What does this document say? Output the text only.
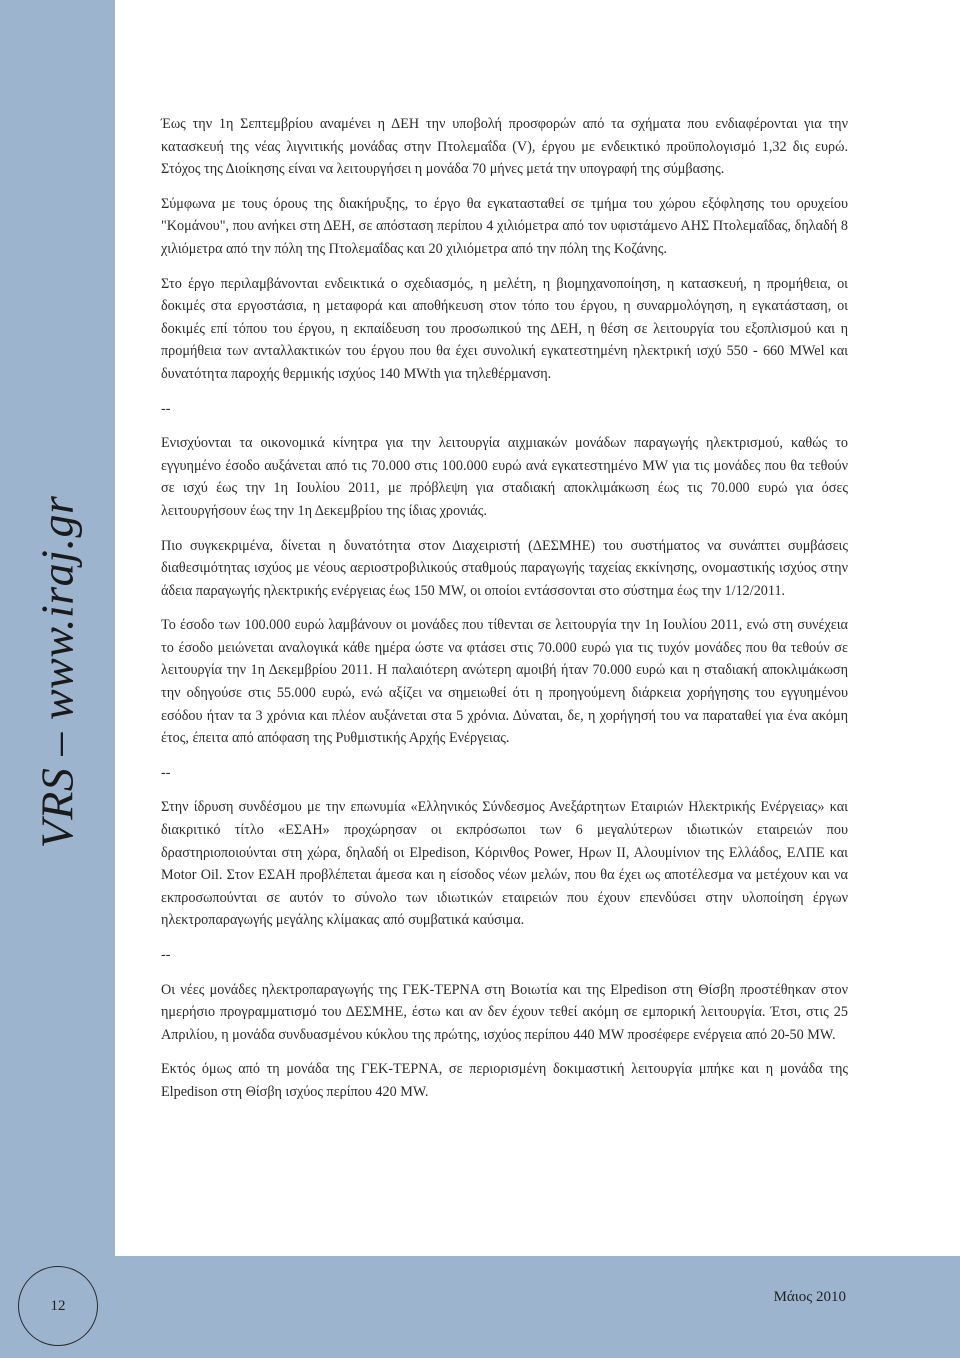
VRS – www.iraj.gr

Έως την 1η Σεπτεμβρίου αναμένει η ΔΕΗ την υποβολή προσφορών από τα σχήματα που ενδιαφέρονται για την κατασκευή της νέας λιγνιτικής μονάδας στην Πτολεμαΐδα (V), έργου με ενδεικτικό προϋπολογισμό 1,32 δις ευρώ. Στόχος της Διοίκησης είναι να λειτουργήσει η μονάδα 70 μήνες μετά την υπογραφή της σύμβασης.

Σύμφωνα με τους όρους της διακήρυξης, το έργο θα εγκατασταθεί σε τμήμα του χώρου εξόφλησης του ορυχείου "Κομάνου", που ανήκει στη ΔΕΗ, σε απόσταση περίπου 4 χιλιόμετρα από τον υφιστάμενο ΑΗΣ Πτολεμαΐδας, δηλαδή 8 χιλιόμετρα από την πόλη της Πτολεμαΐδας και 20 χιλιόμετρα από την πόλη της Κοζάνης.

Στο έργο περιλαμβάνονται ενδεικτικά ο σχεδιασμός, η μελέτη, η βιομηχανοποίηση, η κατασκευή, η προμήθεια, οι δοκιμές στα εργοστάσια, η μεταφορά και αποθήκευση στον τόπο του έργου, η συναρμολόγηση, η εγκατάσταση, οι δοκιμές επί τόπου του έργου, η εκπαίδευση του προσωπικού της ΔΕΗ, η θέση σε λειτουργία του εξοπλισμού και η προμήθεια των ανταλλακτικών του έργου που θα έχει συνολική εγκατεστημένη ηλεκτρική ισχύ 550 - 660 MWel και δυνατότητα παροχής θερμικής ισχύος 140 MWth για τηλεθέρμανση.

--

Ενισχύονται τα οικονομικά κίνητρα για την λειτουργία αιχμιακών μονάδων παραγωγής ηλεκτρισμού, καθώς το εγγυημένο έσοδο αυξάνεται από τις 70.000 στις 100.000 ευρώ ανά εγκατεστημένο MW για τις μονάδες που θα τεθούν σε ισχύ έως την 1η Ιουλίου 2011, με πρόβλεψη για σταδιακή αποκλιμάκωση έως τις 70.000 ευρώ για όσες λειτουργήσουν έως την 1η Δεκεμβρίου της ίδιας χρονιάς.

Πιο συγκεκριμένα, δίνεται η δυνατότητα στον Διαχειριστή (ΔΕΣΜΗΕ) του συστήματος να συνάπτει συμβάσεις διαθεσιμότητας ισχύος με νέους αεριοστροβιλικούς σταθμούς παραγωγής ταχείας εκκίνησης, ονομαστικής ισχύος στην άδεια παραγωγής ηλεκτρικής ενέργειας έως 150 MW, οι οποίοι εντάσσονται στο σύστημα έως την 1/12/2011.

Το έσοδο των 100.000 ευρώ λαμβάνουν οι μονάδες που τίθενται σε λειτουργία την 1η Ιουλίου 2011, ενώ στη συνέχεια το έσοδο μειώνεται αναλογικά κάθε ημέρα ώστε να φτάσει στις 70.000 ευρώ για τις τυχόν μονάδες που θα τεθούν σε λειτουργία την 1η Δεκεμβρίου 2011. Η παλαιότερη ανώτερη αμοιβή ήταν 70.000 ευρώ και η σταδιακή αποκλιμάκωση την οδηγούσε στις 55.000 ευρώ, ενώ αξίζει να σημειωθεί ότι η προηγούμενη διάρκεια χορήγησης του εγγυημένου εσόδου ήταν τα 3 χρόνια και πλέον αυξάνεται στα 5 χρόνια. Δύναται, δε, η χορήγησή του να παραταθεί για ένα ακόμη έτος, έπειτα από απόφαση της Ρυθμιστικής Αρχής Ενέργειας.

--

Στην ίδρυση συνδέσμου με την επωνυμία «Ελληνικός Σύνδεσμος Ανεξάρτητων Εταιριών Ηλεκτρικής Ενέργειας» και διακριτικό τίτλο «ΕΣΑΗ» προχώρησαν οι εκπρόσωποι των 6 μεγαλύτερων ιδιωτικών εταιρειών που δραστηριοποιούνται στη χώρα, δηλαδή οι Elpedison, Κόρινθος Power, Ηρων ΙΙ, Αλουμίνιον της Ελλάδος, ΕΛΠΕ και Motor Oil. Στον ΕΣΑΗ προβλέπεται άμεσα και η είσοδος νέων μελών, που θα έχει ως αποτέλεσμα να μετέχουν και να εκπροσωπούνται σε αυτόν το σύνολο των ιδιωτικών εταιρειών που έχουν επενδύσει στην υλοποίηση έργων ηλεκτροπαραγωγής μεγάλης κλίμακας από συμβατικά καύσιμα.

--

Οι νέες μονάδες ηλεκτροπαραγωγής της ΓΕΚ-ΤΕΡΝΑ στη Βοιωτία και της Elpedison στη Θίσβη προστέθηκαν στον ημερήσιο προγραμματισμό του ΔΕΣΜΗΕ, έστω και αν δεν έχουν τεθεί ακόμη σε εμπορική λειτουργία. Έτσι, στις 25 Απριλίου, η μονάδα συνδυασμένου κύκλου της πρώτης, ισχύος περίπου 440 MW προσέφερε ενέργεια από 20-50 MW.

Εκτός όμως από τη μονάδα της ΓΕΚ-ΤΕΡΝΑ, σε περιορισμένη δοκιμαστική λειτουργία μπήκε και η μονάδα της Elpedison στη Θίσβη ισχύος περίπου 420 MW.

12
Μάιος 2010
